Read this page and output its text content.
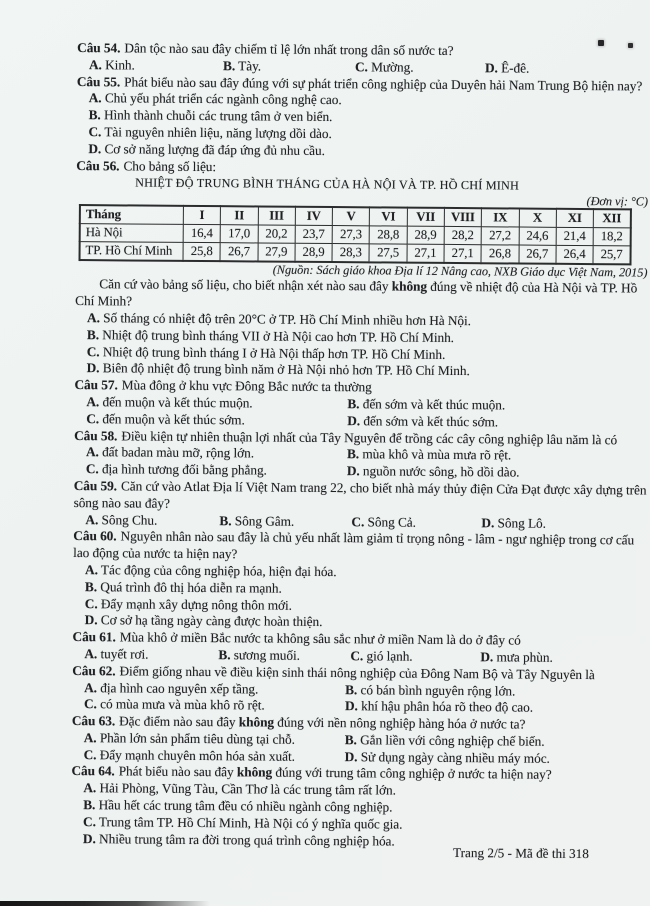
Câu 54. Dân tộc nào sau đây chiếm tỉ lệ lớn nhất trong dân số nước ta?

A. Kinh.	B. Tày.	C. Mường.	D. Ê-đê.

Câu 55. Phát biểu nào sau đây đúng với sự phát triển công nghiệp của Duyên hải Nam Trung Bộ hiện nay?

A. Chủ yếu phát triển các ngành công nghệ cao.
B. Hình thành chuỗi các trung tâm ở ven biển.
C. Tài nguyên nhiên liệu, năng lượng dồi dào.
D. Cơ sở năng lượng đã đáp ứng đủ nhu cầu.

Câu 56. Cho bảng số liệu:

NHIỆT ĐỘ TRUNG BÌNH THÁNG CỦA HÀ NỘI VÀ TP. HỒ CHÍ MINH
(Đơn vị: °C)
Tháng	I	II	III	IV	V	VI	VII	VIII	IX	X	XI	XII
Hà Nội	16,4	17,0	20,2	23,7	27,3	28,8	28,9	28,2	27,2	24,6	21,4	18,2
TP. Hồ Chí Minh	25,8	26,7	27,9	28,9	28,3	27,5	27,1	27,1	26,8	26,7	26,4	25,7
(Nguồn: Sách giáo khoa Địa lí 12 Nâng cao, NXB Giáo dục Việt Nam, 2015)

Căn cứ vào bảng số liệu, cho biết nhận xét nào sau đây không đúng về nhiệt độ của Hà Nội và TP. Hồ Chí Minh?

A. Số tháng có nhiệt độ trên 20°C ở TP. Hồ Chí Minh nhiều hơn Hà Nội.
B. Nhiệt độ trung bình tháng VII ở Hà Nội cao hơn TP. Hồ Chí Minh.
C. Nhiệt độ trung bình tháng I ở Hà Nội thấp hơn TP. Hồ Chí Minh.
D. Biên độ nhiệt độ trung bình năm ở Hà Nội nhỏ hơn TP. Hồ Chí Minh.

Câu 57. Mùa đông ở khu vực Đông Bắc nước ta thường

A. đến muộn và kết thúc muộn.	B. đến sớm và kết thúc muộn.
C. đến muộn và kết thúc sớm.	D. đến sớm và kết thúc sớm.

Câu 58. Điều kiện tự nhiên thuận lợi nhất của Tây Nguyên để trồng các cây công nghiệp lâu năm là có

A. đất badan màu mỡ, rộng lớn.	B. mùa khô và mùa mưa rõ rệt.
C. địa hình tương đối bằng phẳng.	D. nguồn nước sông, hồ dồi dào.

Câu 59. Căn cứ vào Atlat Địa lí Việt Nam trang 22, cho biết nhà máy thủy điện Cửa Đạt được xây dựng trên sông nào sau đây?

A. Sông Chu.	B. Sông Gâm.	C. Sông Cả.	D. Sông Lô.

Câu 60. Nguyên nhân nào sau đây là chủ yếu nhất làm giảm tỉ trọng nông - lâm - ngư nghiệp trong cơ cấu lao động của nước ta hiện nay?

A. Tác động của công nghiệp hóa, hiện đại hóa.
B. Quá trình đô thị hóa diễn ra mạnh.
C. Đẩy mạnh xây dựng nông thôn mới.
D. Cơ sở hạ tầng ngày càng được hoàn thiện.

Câu 61. Mùa khô ở miền Bắc nước ta không sâu sắc như ở miền Nam là do ở đây có

A. tuyết rơi.	B. sương muối.	C. gió lạnh.	D. mưa phùn.

Câu 62. Điểm giống nhau về điều kiện sinh thái nông nghiệp của Đông Nam Bộ và Tây Nguyên là

A. địa hình cao nguyên xếp tầng.	B. có bán bình nguyên rộng lớn.
C. có mùa mưa và mùa khô rõ rệt.	D. khí hậu phân hóa rõ theo độ cao.

Câu 63. Đặc điểm nào sau đây không đúng với nền nông nghiệp hàng hóa ở nước ta?

A. Phần lớn sản phẩm tiêu dùng tại chỗ.	B. Gắn liền với công nghiệp chế biến.
C. Đẩy mạnh chuyên môn hóa sản xuất.	D. Sử dụng ngày càng nhiều máy móc.

Câu 64. Phát biểu nào sau đây không đúng với trung tâm công nghiệp ở nước ta hiện nay?

A. Hải Phòng, Vũng Tàu, Cần Thơ là các trung tâm rất lớn.
B. Hầu hết các trung tâm đều có nhiều ngành công nghiệp.
C. Trung tâm TP. Hồ Chí Minh, Hà Nội có ý nghĩa quốc gia.
D. Nhiều trung tâm ra đời trong quá trình công nghiệp hóa.
Trang 2/5 - Mã đề thi 318
